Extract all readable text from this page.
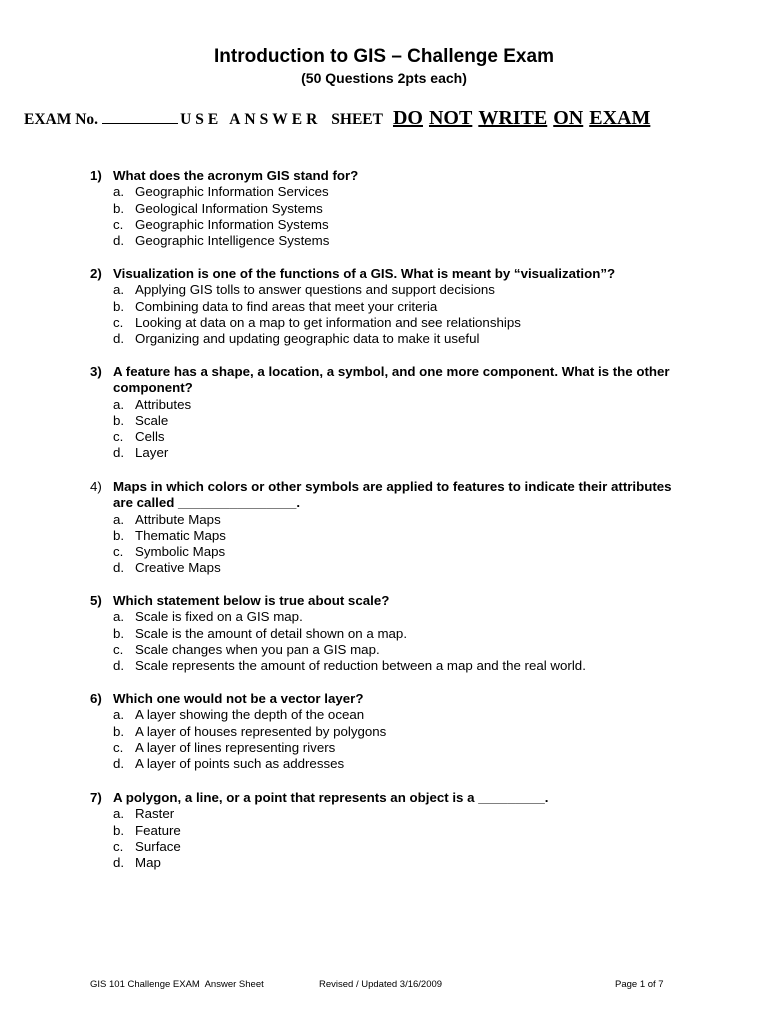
Introduction to GIS – Challenge Exam
(50 Questions 2pts each)
EXAM No.	USE ANSWER SHEET DO NOT WRITE ON EXAM
1) What does the acronym GIS stand for?
a. Geographic Information Services
b. Geological Information Systems
c. Geographic Information Systems
d. Geographic Intelligence Systems
2) Visualization is one of the functions of a GIS. What is meant by “visualization”?
a. Applying GIS tolls to answer questions and support decisions
b. Combining data to find areas that meet your criteria
c. Looking at data on a map to get information and see relationships
d. Organizing and updating geographic data to make it useful
3) A feature has a shape, a location, a symbol, and one more component. What is the other component?
a. Attributes
b. Scale
c. Cells
d. Layer
4) Maps in which colors or other symbols are applied to features to indicate their attributes are called ________________.
a. Attribute Maps
b. Thematic Maps
c. Symbolic Maps
d. Creative Maps
5) Which statement below is true about scale?
a. Scale is fixed on a GIS map.
b. Scale is the amount of detail shown on a map.
c. Scale changes when you pan a GIS map.
d. Scale represents the amount of reduction between a map and the real world.
6) Which one would not be a vector layer?
a. A layer showing the depth of the ocean
b. A layer of houses represented by polygons
c. A layer of lines representing rivers
d. A layer of points such as addresses
7) A polygon, a line, or a point that represents an object is a _________.
a. Raster
b. Feature
c. Surface
d. Map
GIS 101 Challenge EXAM  Answer Sheet	Revised / Updated 3/16/2009	Page 1 of 7
